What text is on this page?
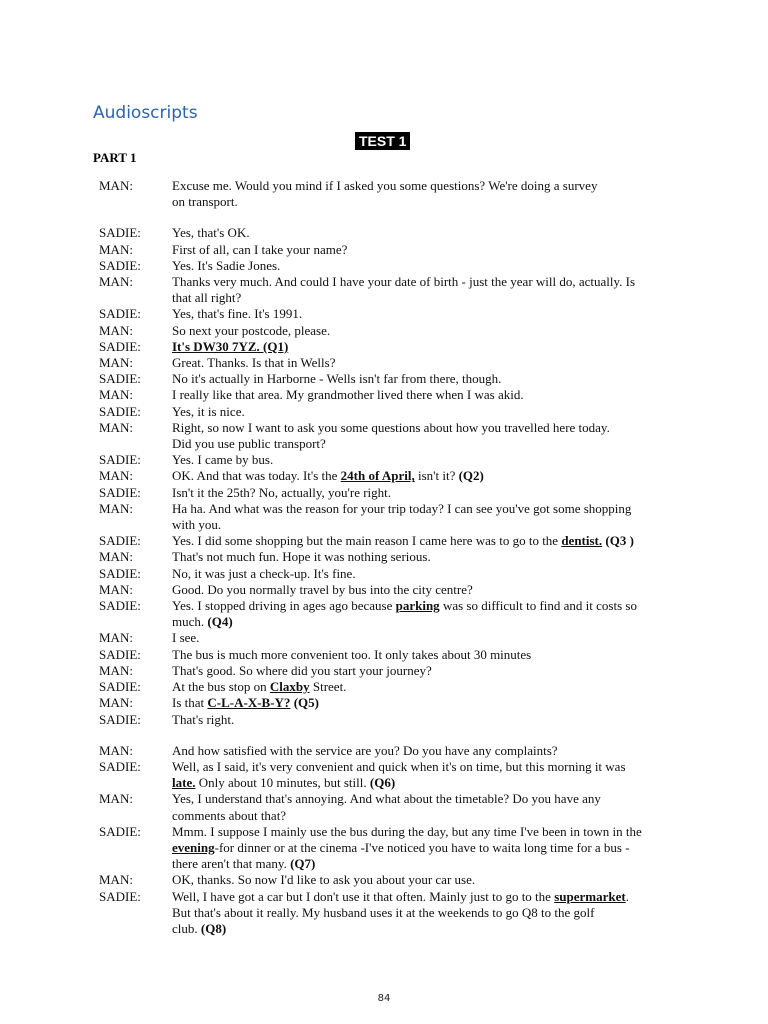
Audioscripts
TEST 1
PART 1
MAN:	Excuse me. Would you mind if I asked you some questions? We're doing a survey
on transport.
SADIE: Yes, that's OK.
MAN:	First of all, can I take your name?
SADIE: Yes. It's Sadie Jones.
MAN:	Thanks very much. And could I have your date of birth - just the year will do, actually. Is
that all right?
SADIE: Yes, that's fine. It's 1991.
MAN:	So next your postcode, please.
SADIE: It's DW30 7YZ. (Q1)
MAN:	Great. Thanks. Is that in Wells?
SADIE: No it's actually in Harborne - Wells isn't far from there, though.
MAN:	I really like that area. My grandmother lived there when I was akid.
SADIE: Yes, it is nice.
MAN:	Right, so now I want to ask you some questions about how you travelled here today.
Did you use public transport?
SADIE: Yes. I came by bus.
MAN:	OK. And that was today. It's the 24th of April, isn't it? (Q2)
SADIE: Isn't it the 25th? No, actually, you're right.
MAN:	Ha ha. And what was the reason for your trip today? I can see you've got some shopping
with you.
SADIE: Yes. I did some shopping but the main reason I came here was to go to the dentist. (Q3 )
MAN:	That's not much fun. Hope it was nothing serious.
SADIE: No, it was just a check-up. It's fine.
MAN:	Good. Do you normally travel by bus into the city centre?
SADIE: Yes. I stopped driving in ages ago because parking was so difficult to find and it costs so
much. (Q4)
MAN:	I see.
SADIE: The bus is much more convenient too. It only takes about 30 minutes
MAN:	That's good. So where did you start your journey?
SADIE: At the bus stop on Claxby Street.
MAN:	Is that C-L-A-X-B-Y? (Q5)
SADIE: That's right.
MAN:	And how satisfied with the service are you? Do you have any complaints?
SADIE: Well, as I said, it's very convenient and quick when it's on time, but this morning it was
late. Only about 10 minutes, but still. (Q6)
MAN:	Yes, I understand that's annoying. And what about the timetable? Do you have any
comments about that?
SADIE: Mmm. I suppose I mainly use the bus during the day, but any time I've been in town in the
evening-for dinner or at the cinema -I've noticed you have to waita long time for a bus -
there aren't that many. (Q7)
MAN:	OK, thanks. So now I'd like to ask you about your car use.
SADIE: Well, I have got a car but I don't use it that often. Mainly just to go to the supermarket.
But that's about it really. My husband uses it at the weekends to go Q8 to the golf
club. (Q8)
84
